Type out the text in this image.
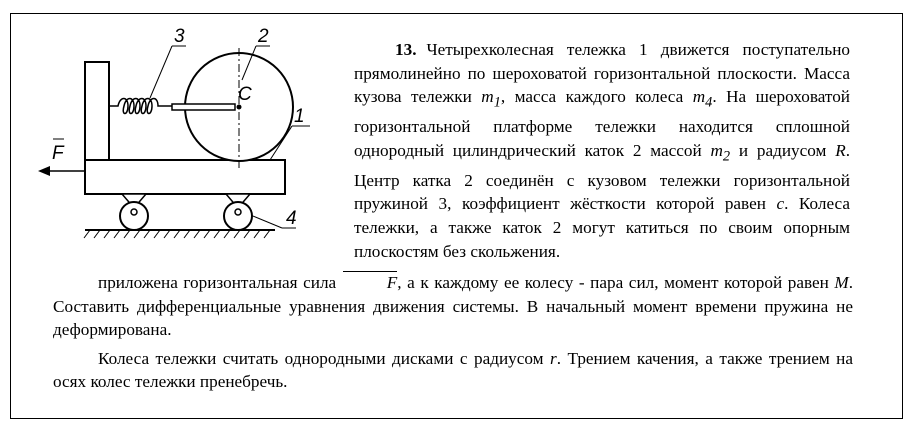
3	2
C
1
4
F
13. Четырехколесная тележка 1 движется поступательно прямолинейно по шероховатой горизонтальной плоскости. Масса кузова тележки $m_1$, масса каждого колеса $m_4$. На шероховатой горизонтальной платформе тележки находится сплошной однородный цилиндрический каток 2 массой $m_2$ и радиусом R. Центр катка 2 соединён с кузовом тележки горизонтальной пружиной 3, коэффициент жёсткости которой равен c. Колеса тележки, а также каток 2 могут катиться по своим опорным плоскостям без скольжения.

приложена горизонтальная сила	F, а к каждому ее колесу - пара сил, момент которой равен M. Составить дифференциальные уравнения движения системы. В начальный момент времени пружина не деформирована.

Колеса тележки считать однородными дисками с радиусом r. Трением качения, а также трением на осях колес тележки пренебречь.
